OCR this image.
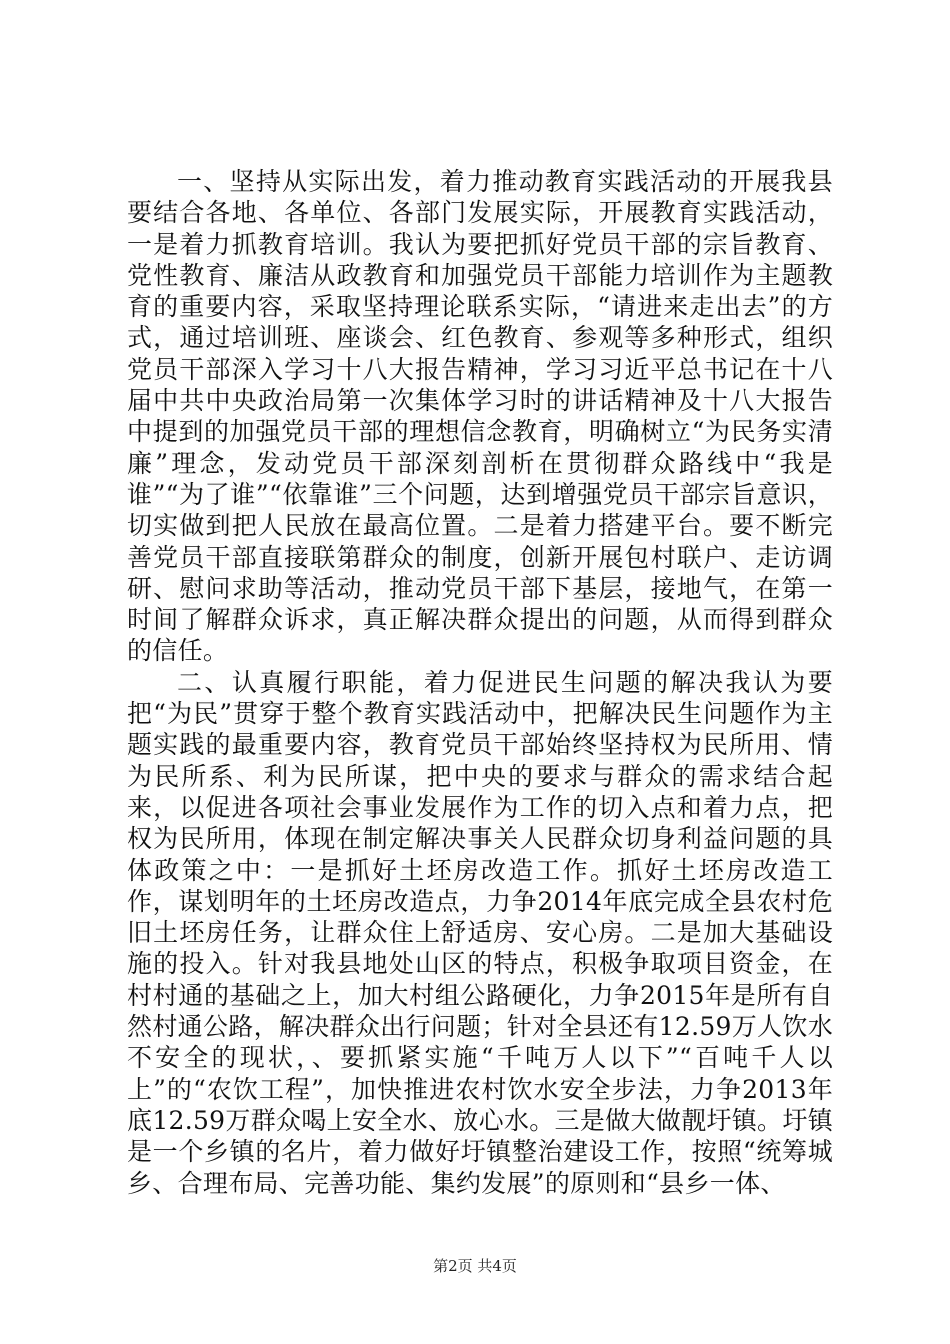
一、坚持从实际出发，着力推动教育实践活动的开展我县要结合各地、各单位、各部门发展实际，开展教育实践活动，一是着力抓教育培训。我认为要把抓好党员干部的宗旨教育、党性教育、廉洁从政教育和加强党员干部能力培训作为主题教育的重要内容，采取坚持理论联系实际，“请进来走出去”的方式，通过培训班、座谈会、红色教育、参观等多种形式，组织党员干部深入学习十八大报告精神，学习习近平总书记在十八届中共中央政治局第一次集体学习时的讲话精神及十八大报告中提到的加强党员干部的理想信念教育，明确树立“为民务实清廉”理念，发动党员干部深刻剖析在贯彻群众路线中“我是谁”“为了谁”“依靠谁”三个问题，达到增强党员干部宗旨意识，切实做到把人民放在最高位置。二是着力搭建平台。要不断完善党员干部直接联第群众的制度，创新开展包村联户、走访调研、慰问求助等活动，推动党员干部下基层，接地气，在第一时间了解群众诉求，真正解决群众提出的问题，从而得到群众的信任。

二、认真履行职能，着力促进民生问题的解决我认为要把“为民”贯穿于整个教育实践活动中，把解决民生问题作为主题实践的最重要内容，教育党员干部始终坚持权为民所用、情为民所系、利为民所谋，把中央的要求与群众的需求结合起来，以促进各项社会事业发展作为工作的切入点和着力点，把权为民所用，体现在制定解决事关人民群众切身利益问题的具体政策之中：一是抓好土坯房改造工作。抓好土坯房改造工作，谋划明年的土坯房改造点，力争2014年底完成全县农村危旧土坯房任务，让群众住上舒适房、安心房。二是加大基础设施的投入。针对我县地处山区的特点，积极争取项目资金，在村村通的基础之上，加大村组公路硬化，力争2015年是所有自然村通公路，解决群众出行问题；针对全县还有12.59万人饮水不安全的现状，、要抓紧实施“千吨万人以下”“百吨千人以上”的“农饮工程”，加快推进农村饮水安全步法，力争2013年底12.59万群众喝上安全水、放心水。三是做大做靓圩镇。圩镇是一个乡镇的名片，着力做好圩镇整治建设工作，按照“统筹城乡、合理布局、完善功能、集约发展”的原则和“县乡一体、

第2页 共4页
